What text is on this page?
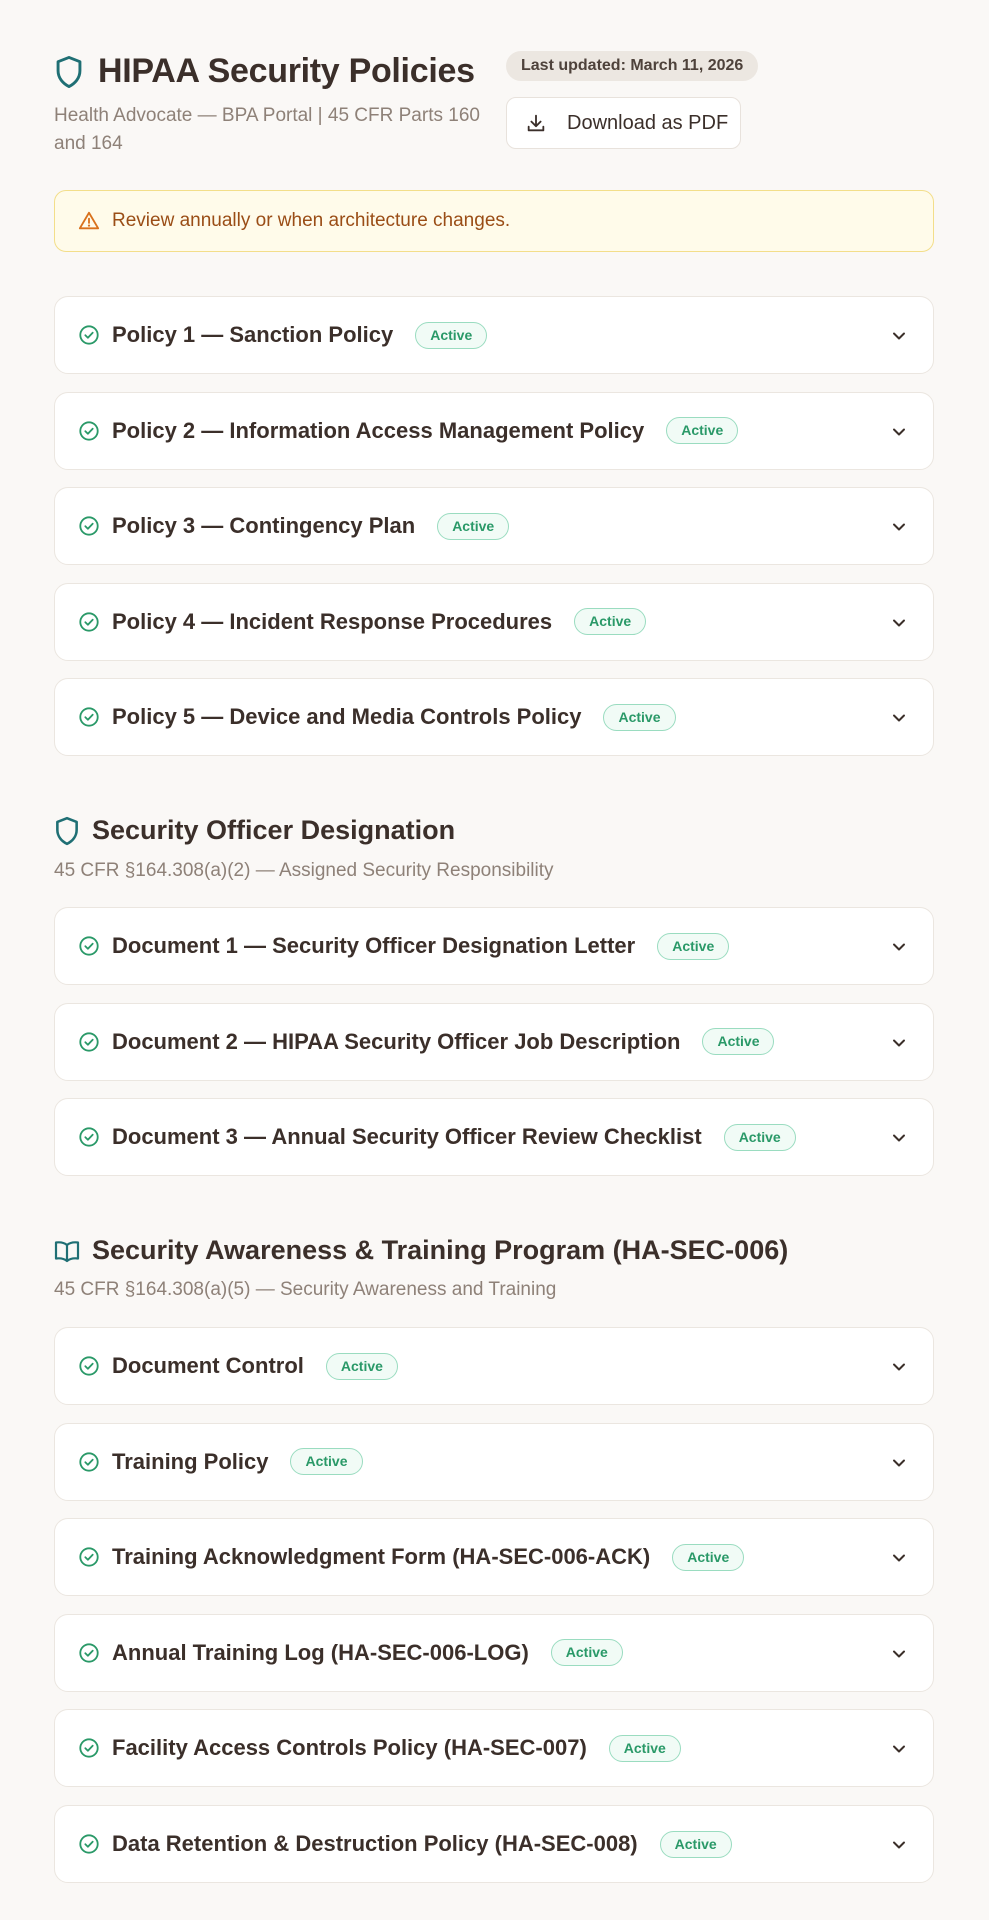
HIPAA Security Policies
Health Advocate — BPA Portal | 45 CFR Parts 160 and 164
Last updated: March 11, 2026
Download as PDF
Review annually or when architecture changes.
Policy 1 — Sanction Policy	Active
Policy 2 — Information Access Management Policy	Active
Policy 3 — Contingency Plan	Active
Policy 4 — Incident Response Procedures	Active
Policy 5 — Device and Media Controls Policy	Active
Security Officer Designation
45 CFR §164.308(a)(2) — Assigned Security Responsibility
Document 1 — Security Officer Designation Letter	Active
Document 2 — HIPAA Security Officer Job Description	Active
Document 3 — Annual Security Officer Review Checklist	Active
Security Awareness & Training Program (HA-SEC-006)
45 CFR §164.308(a)(5) — Security Awareness and Training
Document Control	Active
Training Policy	Active
Training Acknowledgment Form (HA-SEC-006-ACK)	Active
Annual Training Log (HA-SEC-006-LOG)	Active
Facility Access Controls Policy (HA-SEC-007)	Active
Data Retention & Destruction Policy (HA-SEC-008)	Active
